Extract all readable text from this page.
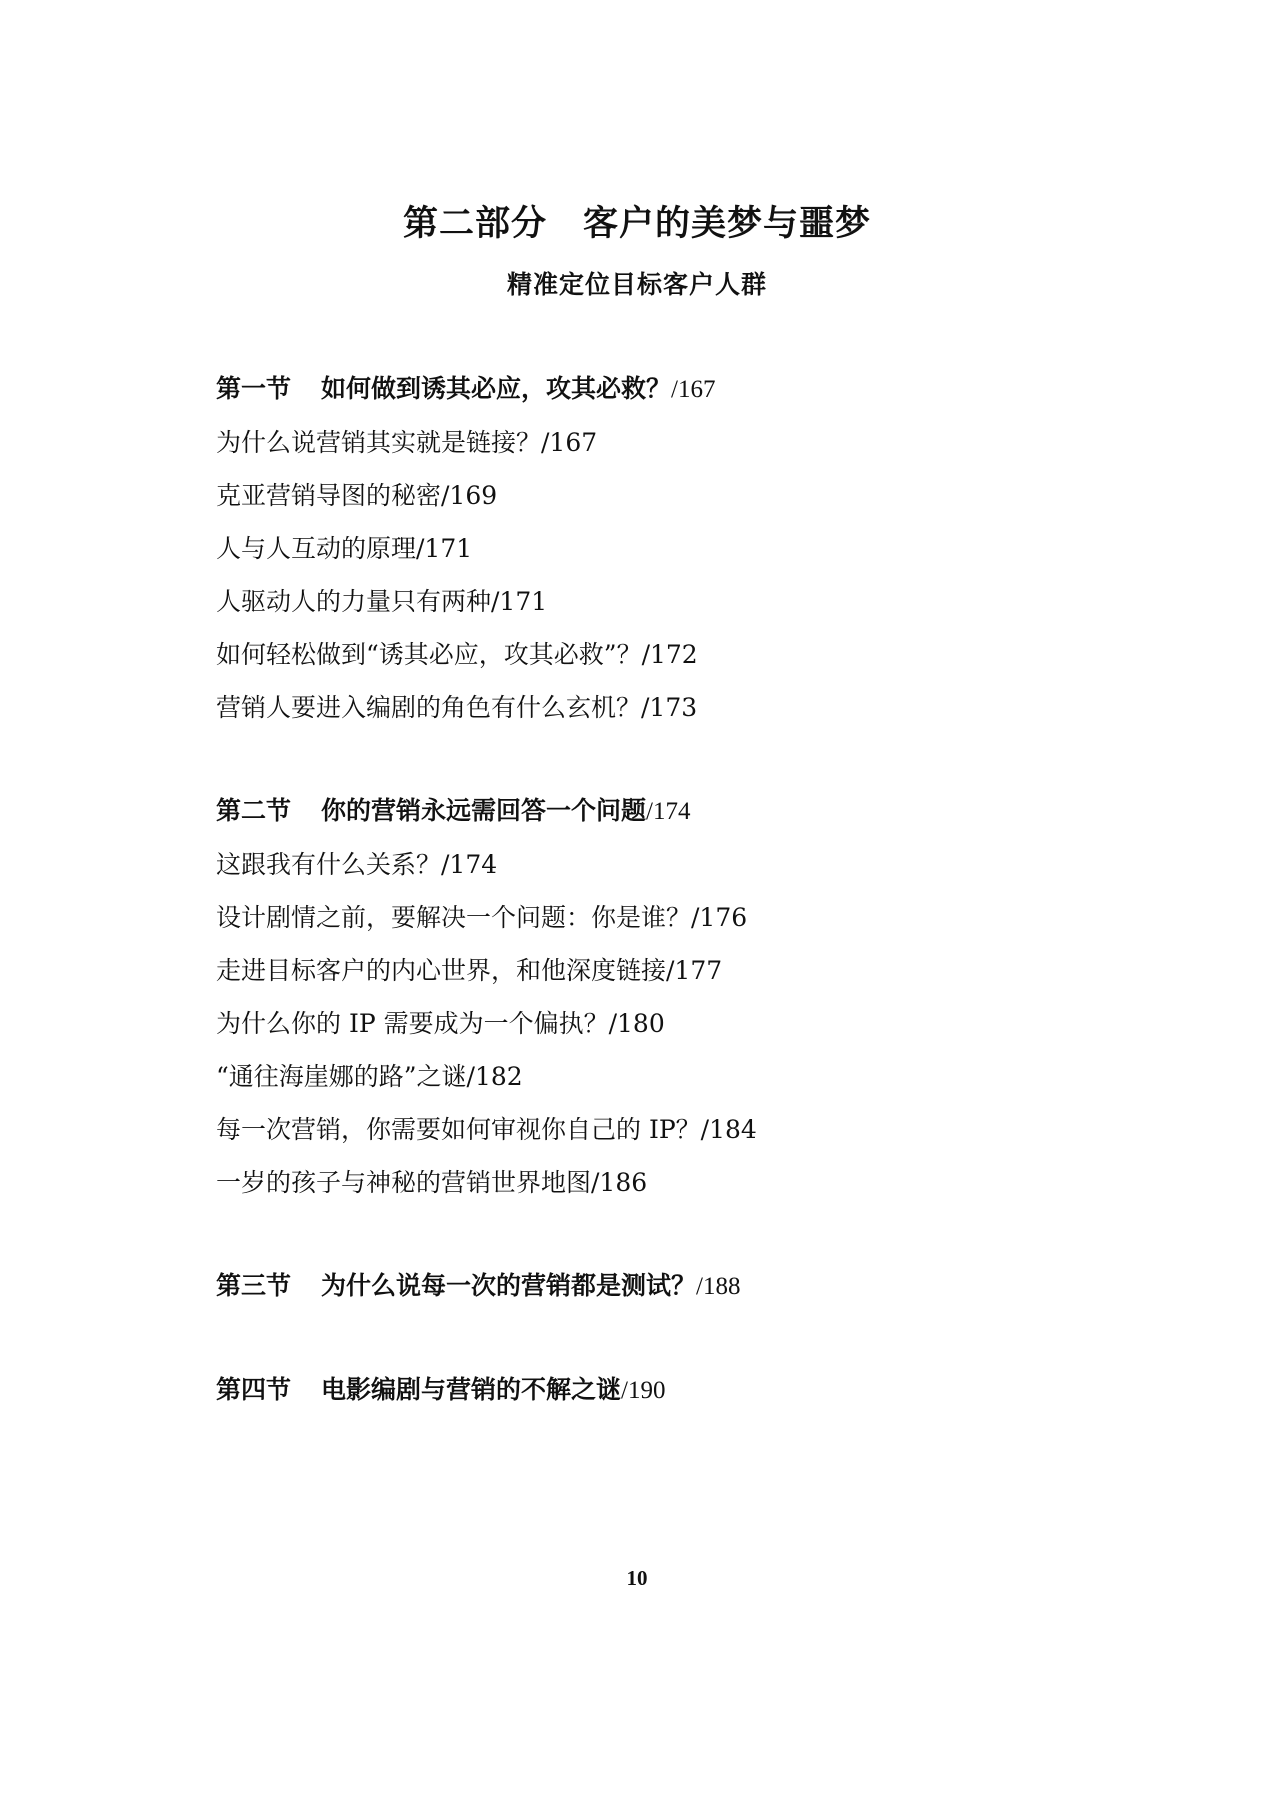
第二部分　客户的美梦与噩梦
精准定位目标客户人群
第一节 如何做到诱其必应，攻其必救？/167
为什么说营销其实就是链接？/167
克亚营销导图的秘密/169
人与人互动的原理/171
人驱动人的力量只有两种/171
如何轻松做到“诱其必应，攻其必救”？/172
营销人要进入编剧的角色有什么玄机？/173
第二节 你的营销永远需回答一个问题/174
这跟我有什么关系？/174
设计剧情之前，要解决一个问题：你是谁？/176
走进目标客户的内心世界，和他深度链接/177
为什么你的 IP 需要成为一个偏执？/180
“通往海崖娜的路”之谜/182
每一次营销，你需要如何审视你自己的 IP？/184
一岁的孩子与神秘的营销世界地图/186
第三节 为什么说每一次的营销都是测试？/188
第四节 电影编剧与营销的不解之谜/190
10
